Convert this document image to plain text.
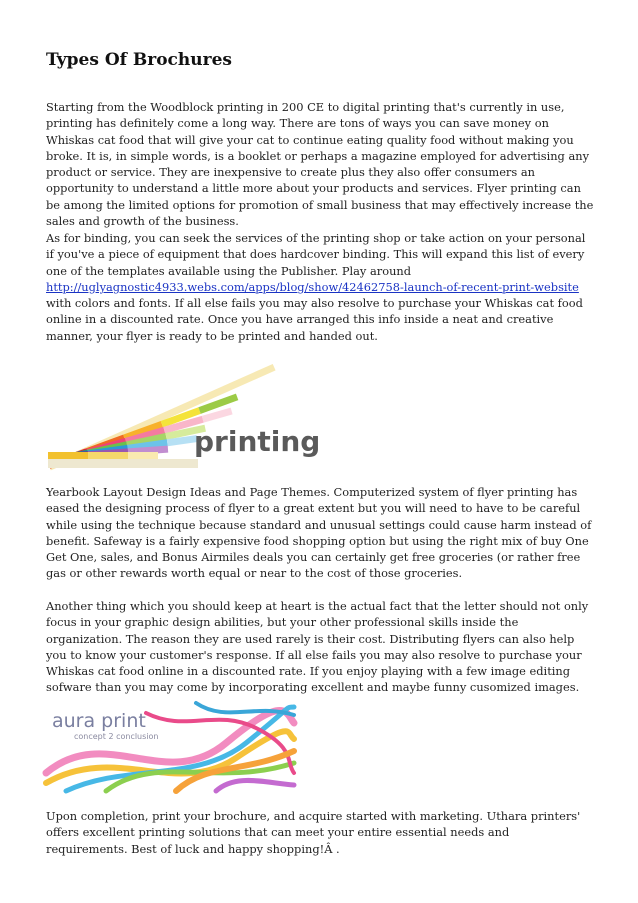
Types Of Brochures

Starting from the Woodblock printing in 200 CE to digital printing that's currently in use, printing has definitely come a long way. There are tons of ways you can save money on Whiskas cat food that will give your cat to continue eating quality food without making you broke. It is, in simple words, is a booklet or perhaps a magazine employed for advertising any product or service. They are inexpensive to create plus they also offer consumers an opportunity to understand a little more about your products and services. Flyer printing can be among the limited options for promotion of small business that may effectively increase the sales and growth of the business.

As for binding, you can seek the services of the printing shop or take action on your personal if you've a piece of equipment that does hardcover binding. This will expand this list of every one of the templates available using the Publisher. Play around http://uglyagnostic4933.webs.com/apps/blog/show/42462758-launch-of-recent-print-website with colors and fonts. If all else fails you may also resolve to purchase your Whiskas cat food online in a discounted rate. Once you have arranged this info inside a neat and creative manner, your flyer is ready to be printed and handed out.

printing

Yearbook Layout Design Ideas and Page Themes. Computerized system of flyer printing has eased the designing process of flyer to a great extent but you will need to have to be careful while using the technique because standard and unusual settings could cause harm instead of benefit. Safeway is a fairly expensive food shopping option but using the right mix of buy One Get One, sales, and Bonus Airmiles deals you can certainly get free groceries (or rather free gas or other rewards worth equal or near to the cost of those groceries.

Another thing which you should keep at heart is the actual fact that the letter should not only focus in your graphic design abilities, but your other professional skills inside the organization. The reason they are used rarely is their cost. Distributing flyers can also help you to know your customer's response. If all else fails you may also resolve to purchase your Whiskas cat food online in a discounted rate. If you enjoy playing with a few image editing sofware than you may come by incorporating excellent and maybe funny cusomized images.

aura print
concept 2 conclusion

Upon completion, print your brochure, and acquire started with marketing. Uthara printers' offers excellent printing solutions that can meet your entire essential needs and requirements. Best of luck and happy shopping!Â .
